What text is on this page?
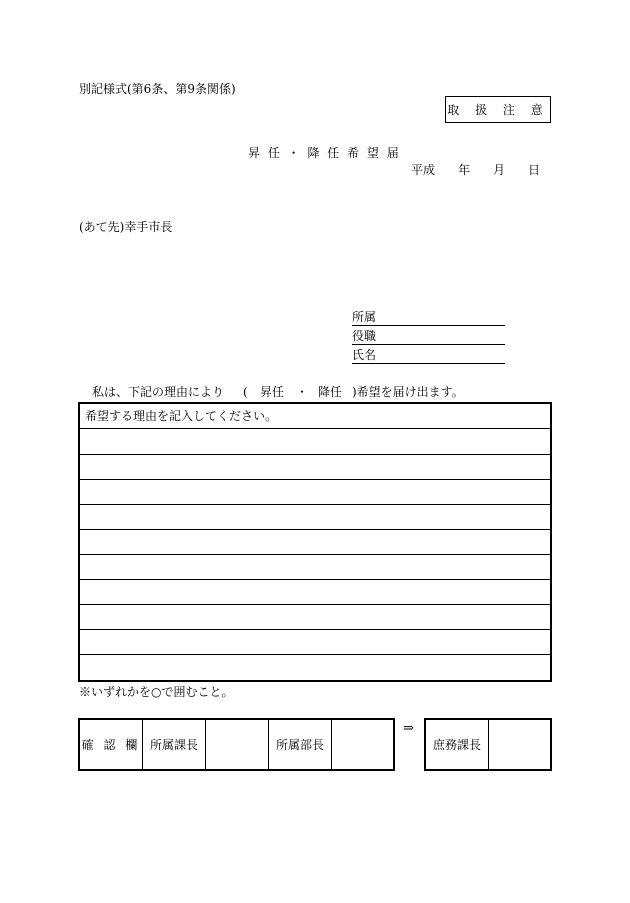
別記様式(第6条、第9条関係)
取 扱 注 意
昇 任 ・ 降 任 希 望 届
平成 年 月 日
(あて先)幸手市長
所属
役職
氏名
私は、下記の理由により ( 昇任 ・ 降任 )希望を届け出ます。
希望する理由を記入してください。
※いずれかを○で囲むこと。
確 認 欄 所属課長	所属部長
⇒
庶務課長
